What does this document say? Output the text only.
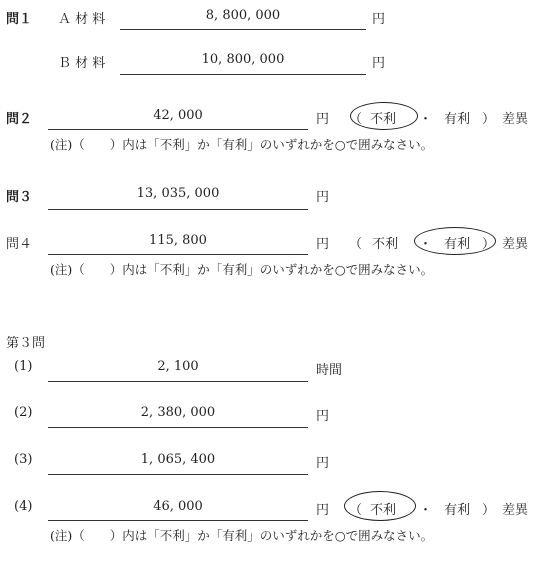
問１ Ａ 材 料	8, 800, 000	円
Ｂ 材 料	10, 800, 000	円
問２	42, 000	円 （ 不利 ・ 有利 ） 差異
(注)（　　）内は「不利」か「有利」のいずれかを○で囲みなさい。
問３	13, 035, 000	円
問４	115, 800	円 （ 不利 ・ 有利 ） 差異
(注)（　　）内は「不利」か「有利」のいずれかを○で囲みなさい。
第３問
(1)	2, 100	時間
(2)	2, 380, 000	円
(3)	1, 065, 400	円
(4)	46, 000	円 （ 不利 ・ 有利 ） 差異
(注)（　　）内は「不利」か「有利」のいずれかを○で囲みなさい。
